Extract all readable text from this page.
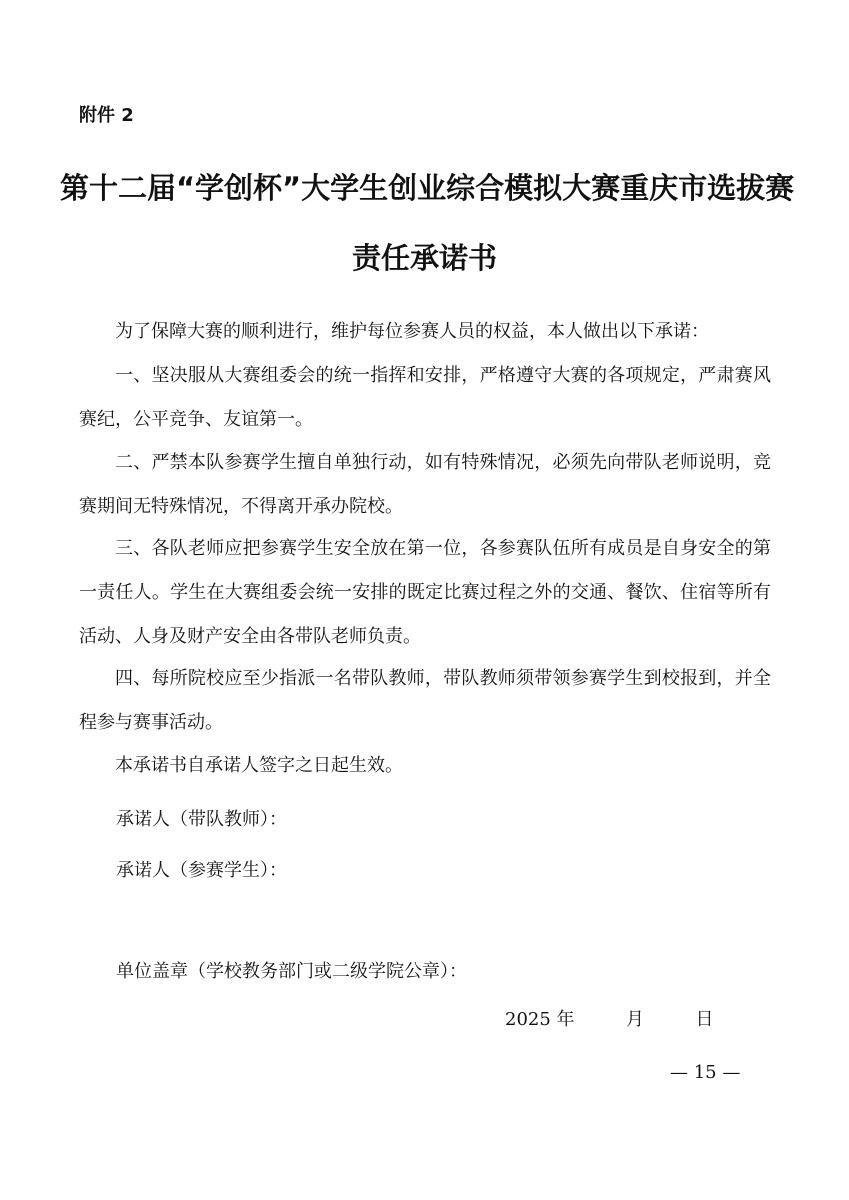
附件 2
第十二届“学创杯”大学生创业综合模拟大赛重庆市选拔赛
责任承诺书

为了保障大赛的顺利进行，维护每位参赛人员的权益，本人做出以下承诺：

一、坚决服从大赛组委会的统一指挥和安排，严格遵守大赛的各项规定，严肃赛风赛纪，公平竞争、友谊第一。

二、严禁本队参赛学生擅自单独行动，如有特殊情况，必须先向带队老师说明，竞赛期间无特殊情况，不得离开承办院校。

三、各队老师应把参赛学生安全放在第一位，各参赛队伍所有成员是自身安全的第一责任人。学生在大赛组委会统一安排的既定比赛过程之外的交通、餐饮、住宿等所有活动、人身及财产安全由各带队老师负责。

四、每所院校应至少指派一名带队教师，带队教师须带领参赛学生到校报到，并全程参与赛事活动。

本承诺书自承诺人签字之日起生效。

承诺人（带队教师）：
承诺人（参赛学生）：
单位盖章（学校教务部门或二级学院公章）：
2025 年	月	日
— 15 —
